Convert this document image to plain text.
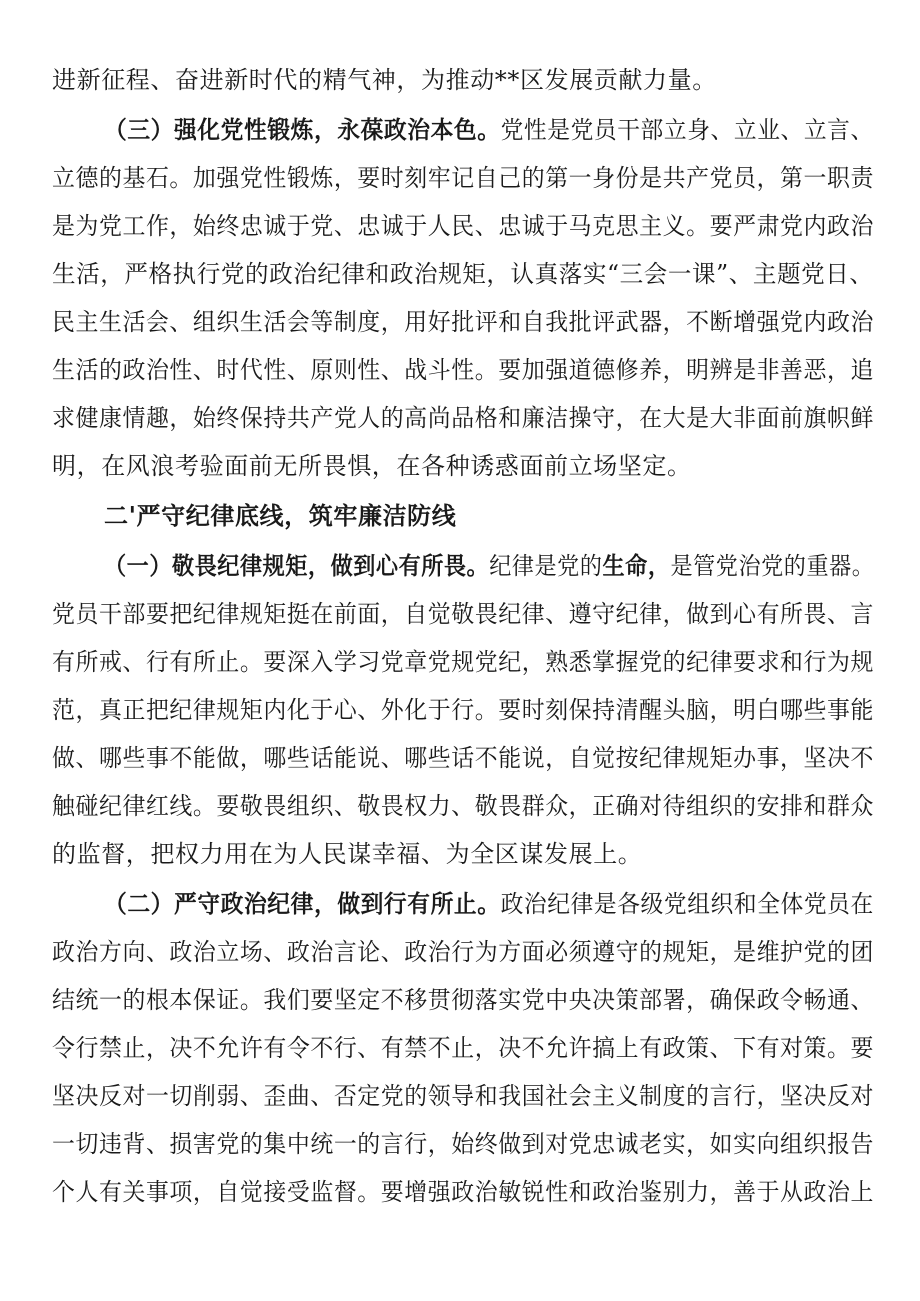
进新征程、奋进新时代的精气神，为推动**区发展贡献力量。
（三）强化党性锻炼，永葆政治本色。党性是党员干部立身、立业、立言、
立德的基石。加强党性锻炼，要时刻牢记自己的第一身份是共产党员，第一职责
是为党工作，始终忠诚于党、忠诚于人民、忠诚于马克思主义。要严肃党内政治
生活，严格执行党的政治纪律和政治规矩，认真落实“三会一课”、主题党日、
民主生活会、组织生活会等制度，用好批评和自我批评武器，不断增强党内政治
生活的政治性、时代性、原则性、战斗性。要加强道德修养，明辨是非善恶，追
求健康情趣，始终保持共产党人的高尚品格和廉洁操守，在大是大非面前旗帜鲜
明，在风浪考验面前无所畏惧，在各种诱惑面前立场坚定。
二'严守纪律底线，筑牢廉洁防线
（一）敬畏纪律规矩，做到心有所畏。纪律是党的生命，是管党治党的重器。
党员干部要把纪律规矩挺在前面，自觉敬畏纪律、遵守纪律，做到心有所畏、言
有所戒、行有所止。要深入学习党章党规党纪，熟悉掌握党的纪律要求和行为规
范，真正把纪律规矩内化于心、外化于行。要时刻保持清醒头脑，明白哪些事能
做、哪些事不能做，哪些话能说、哪些话不能说，自觉按纪律规矩办事，坚决不
触碰纪律红线。要敬畏组织、敬畏权力、敬畏群众，正确对待组织的安排和群众
的监督，把权力用在为人民谋幸福、为全区谋发展上。
（二）严守政治纪律，做到行有所止。政治纪律是各级党组织和全体党员在
政治方向、政治立场、政治言论、政治行为方面必须遵守的规矩，是维护党的团
结统一的根本保证。我们要坚定不移贯彻落实党中央决策部署，确保政令畅通、
令行禁止，决不允许有令不行、有禁不止，决不允许搞上有政策、下有对策。要
坚决反对一切削弱、歪曲、否定党的领导和我国社会主义制度的言行，坚决反对
一切违背、损害党的集中统一的言行，始终做到对党忠诚老实，如实向组织报告
个人有关事项，自觉接受监督。要增强政治敏锐性和政治鉴别力，善于从政治上
